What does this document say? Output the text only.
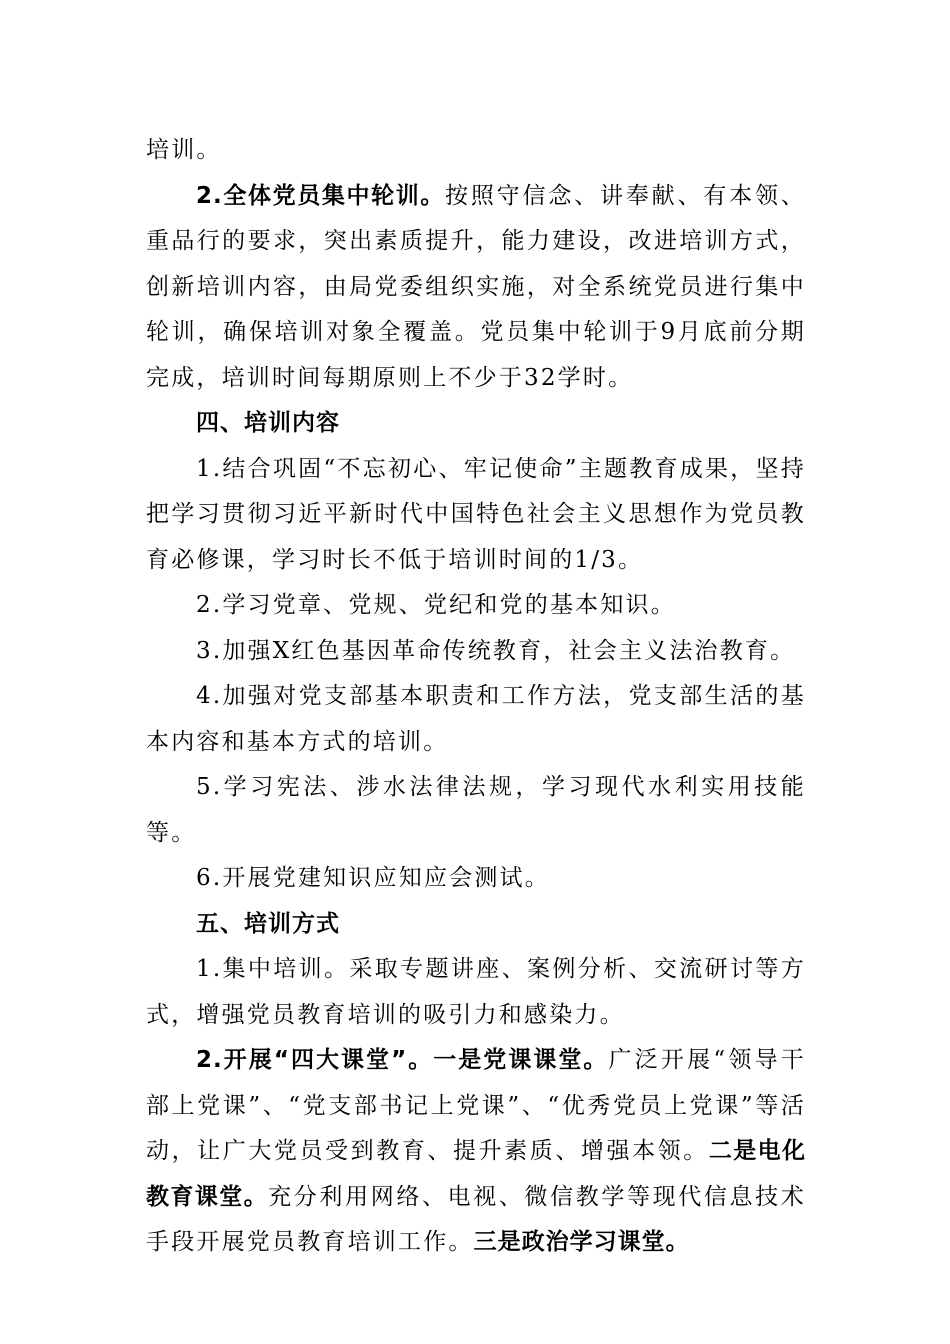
培训。

2.全体党员集中轮训。按照守信念、讲奉献、有本领、重品行的要求，突出素质提升，能力建设，改进培训方式，创新培训内容，由局党委组织实施，对全系统党员进行集中轮训，确保培训对象全覆盖。党员集中轮训于9月底前分期完成，培训时间每期原则上不少于32学时。

四、培训内容

1.结合巩固“不忘初心、牢记使命”主题教育成果，坚持把学习贯彻习近平新时代中国特色社会主义思想作为党员教育必修课，学习时长不低于培训时间的1/3。

2.学习党章、党规、党纪和党的基本知识。

3.加强X红色基因革命传统教育，社会主义法治教育。

4.加强对党支部基本职责和工作方法，党支部生活的基本内容和基本方式的培训。

5.学习宪法、涉水法律法规，学习现代水利实用技能等。

6.开展党建知识应知应会测试。

五、培训方式

1.集中培训。采取专题讲座、案例分析、交流研讨等方式，增强党员教育培训的吸引力和感染力。

2.开展“四大课堂”。一是党课课堂。广泛开展“领导干部上党课”、“党支部书记上党课”、“优秀党员上党课”等活动，让广大党员受到教育、提升素质、增强本领。二是电化教育课堂。充分利用网络、电视、微信教学等现代信息技术手段开展党员教育培训工作。三是政治学习课堂。
